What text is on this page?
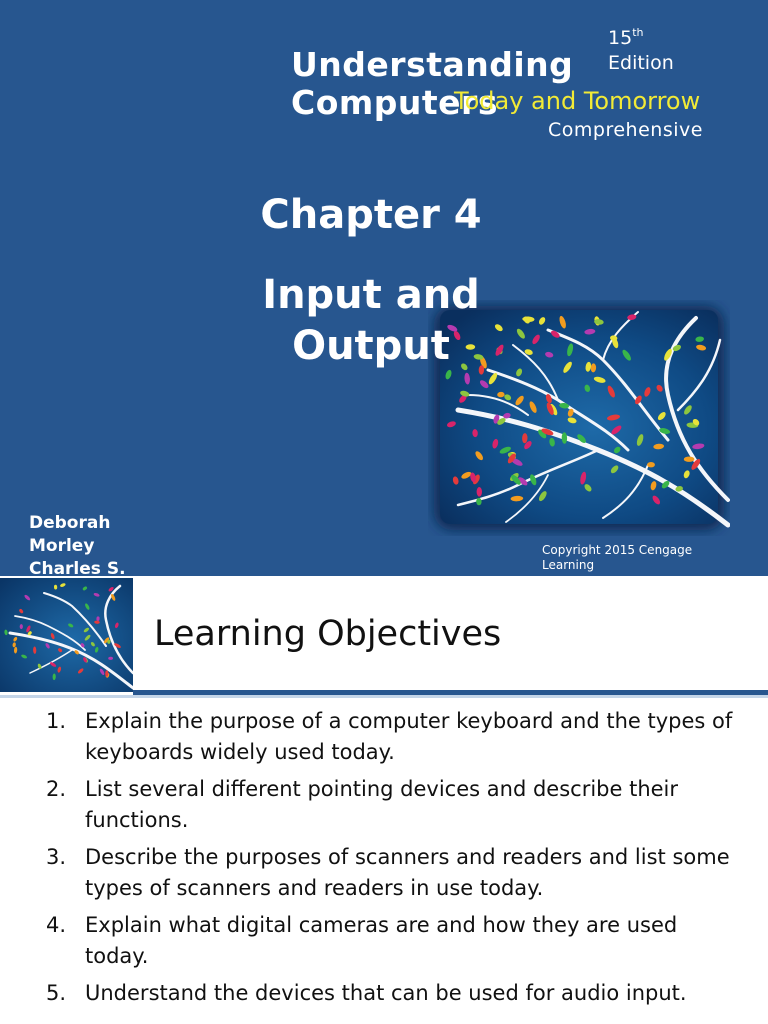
Understanding
Computers
15th
Edition
Today and Tomorrow
Comprehensive
Chapter 4
Input and
Output
Deborah
Morley
Charles S.
Copyright 2015 Cengage Learning
Learning Objectives
1. Explain the purpose of a computer keyboard and the types of keyboards widely used today.
2. List several different pointing devices and describe their functions.
3. Describe the purposes of scanners and readers and list some types of scanners and readers in use today.
4. Explain what digital cameras are and how they are used today.
5. Understand the devices that can be used for audio input.
